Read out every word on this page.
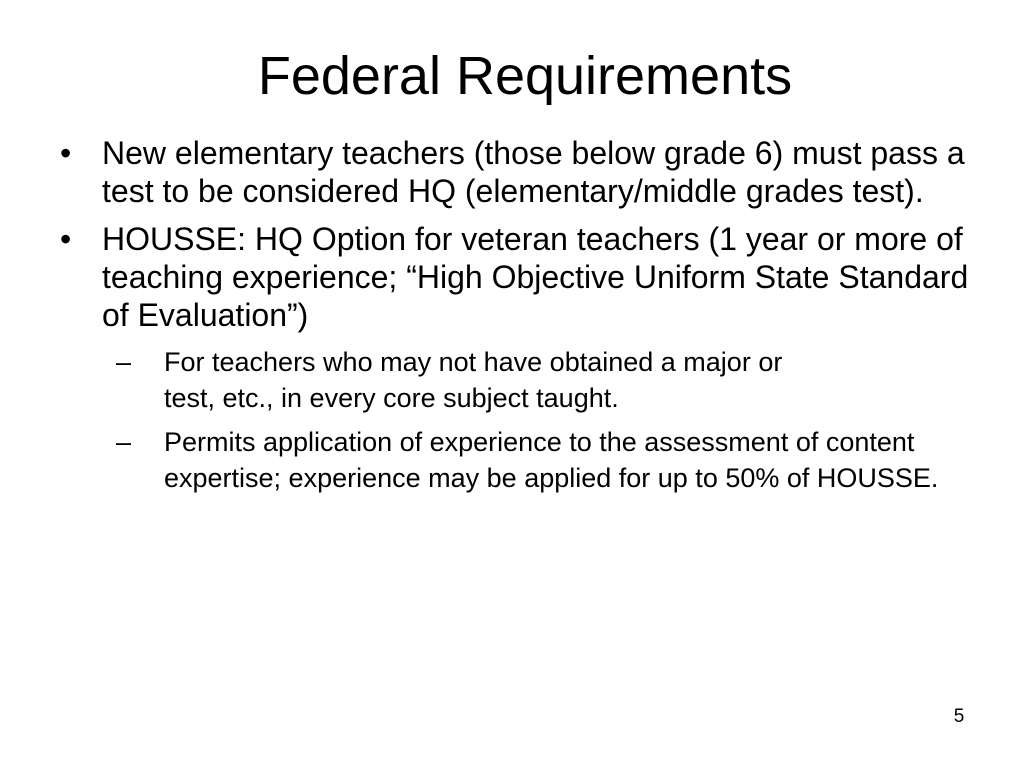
Federal Requirements
• New elementary teachers (those below grade 6) must pass a test to be considered HQ (elementary/middle grades test).
• HOUSSE: HQ Option for veteran teachers (1 year or more of teaching experience; “High Objective Uniform State Standard of Evaluation”)
–	For teachers who may not have obtained a major or test, etc., in every core subject taught.
–	Permits application of experience to the assessment of content expertise; experience may be applied for up to 50% of HOUSSE.
5
